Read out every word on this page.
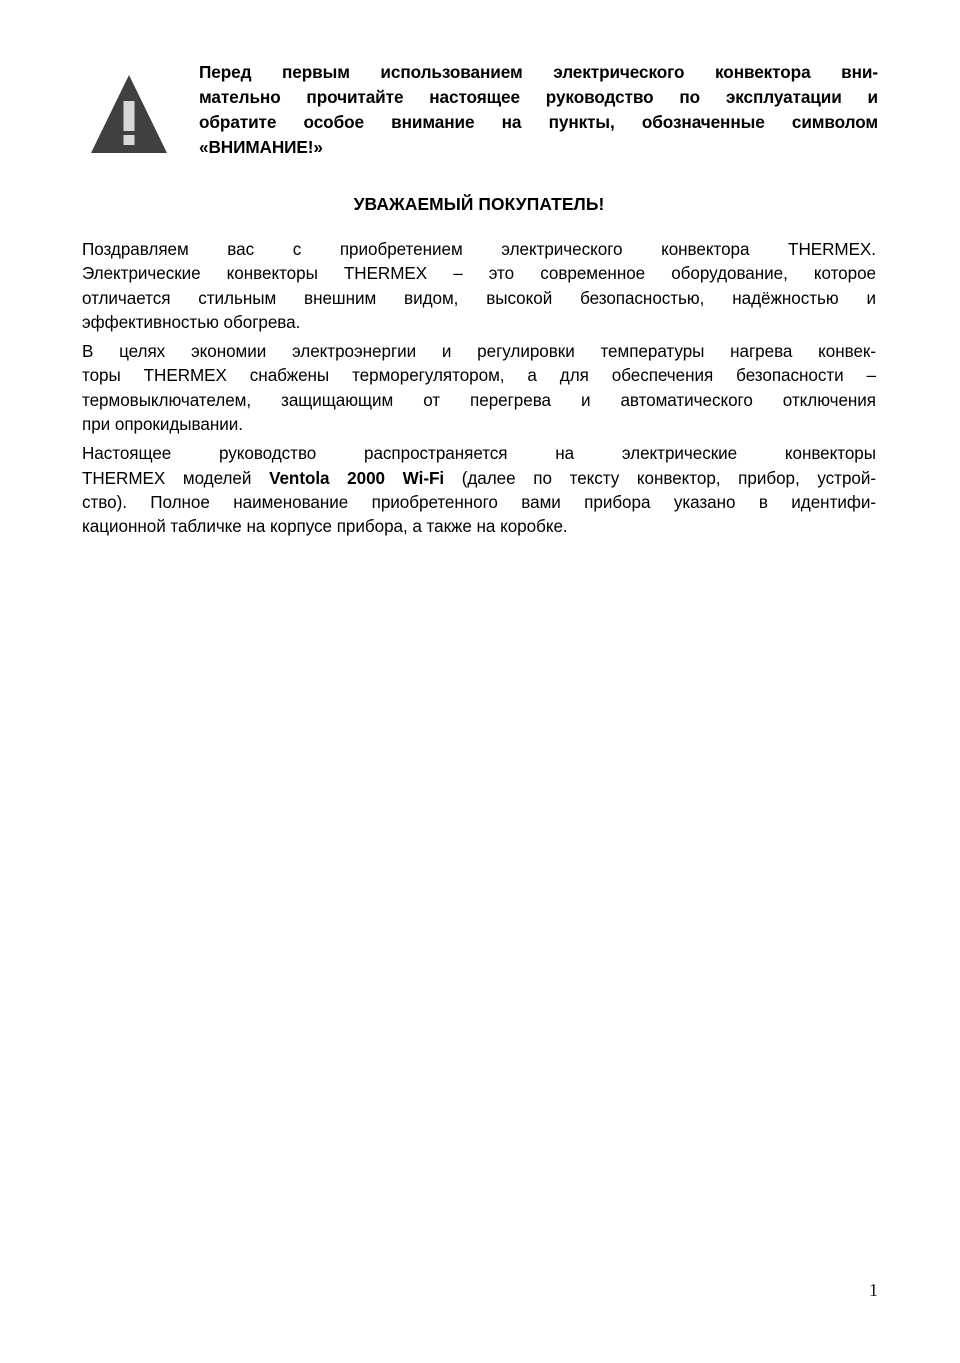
Перед первым использованием электрического конвектора вни-
мательно прочитайте настоящее руководство по эксплуатации и
обратите особое внимание на пункты, обозначенные символом
«ВНИМАНИЕ!»
УВАЖАЕМЫЙ ПОКУПАТЕЛЬ!

Поздравляем вас с приобретением электрического конвектора THERMEX.
Электрические конвекторы THERMEX – это современное оборудование, которое
отличается стильным внешним видом, высокой безопасностью, надёжностью и
эффективностью обогрева.

В целях экономии электроэнергии и регулировки температуры нагрева конвек-
торы THERMEX снабжены терморегулятором, а для обеспечения безопасности –
термовыключателем, защищающим от перегрева и автоматического отключения
при опрокидывании.

Настоящее руководство распространяется на электрические конвекторы
THERMEX моделей Ventola 2000 Wi-Fi (далее по тексту конвектор, прибор, устрой-
ство). Полное наименование приобретенного вами прибора указано в идентифи-
кационной табличке на корпусе прибора, а также на коробке.

1
